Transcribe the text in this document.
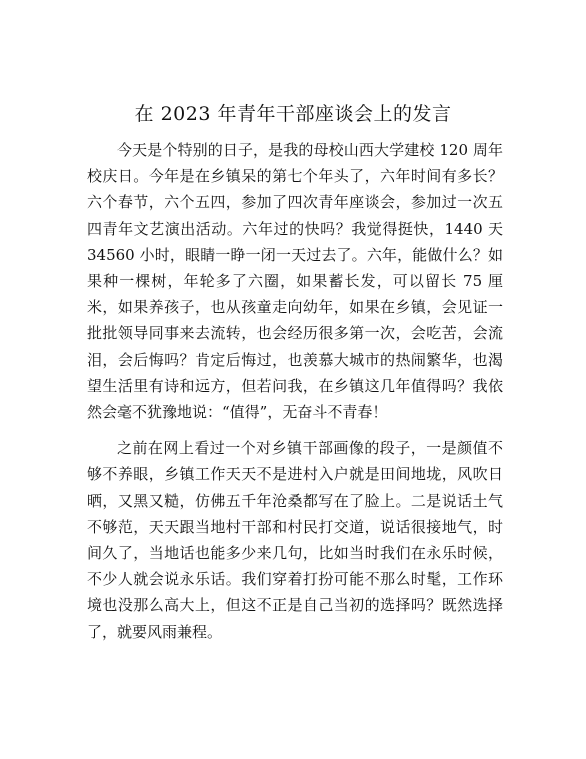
在 2023 年青年干部座谈会上的发言

今天是个特别的日子，是我的母校山西大学建校 120 周年校庆日。今年是在乡镇呆的第七个年头了，六年时间有多长？六个春节，六个五四，参加了四次青年座谈会，参加过一次五四青年文艺演出活动。六年过的快吗？我觉得挺快，1440 天 34560 小时，眼睛一睁一闭一天过去了。六年，能做什么？如果种一棵树，年轮多了六圈，如果蓄长发，可以留长 75 厘米，如果养孩子，也从孩童走向幼年，如果在乡镇，会见证一批批领导同事来去流转，也会经历很多第一次，会吃苦，会流泪，会后悔吗？肯定后悔过，也羡慕大城市的热闹繁华，也渴望生活里有诗和远方，但若问我，在乡镇这几年值得吗？我依然会毫不犹豫地说：“值得”，无奋斗不青春！

之前在网上看过一个对乡镇干部画像的段子，一是颜值不够不养眼，乡镇工作天天不是进村入户就是田间地垅，风吹日晒，又黑又糙，仿佛五千年沧桑都写在了脸上。二是说话土气不够范，天天跟当地村干部和村民打交道，说话很接地气，时间久了，当地话也能多少来几句，比如当时我们在永乐时候，不少人就会说永乐话。我们穿着打扮可能不那么时髦，工作环境也没那么高大上，但这不正是自己当初的选择吗？既然选择了，就要风雨兼程。
